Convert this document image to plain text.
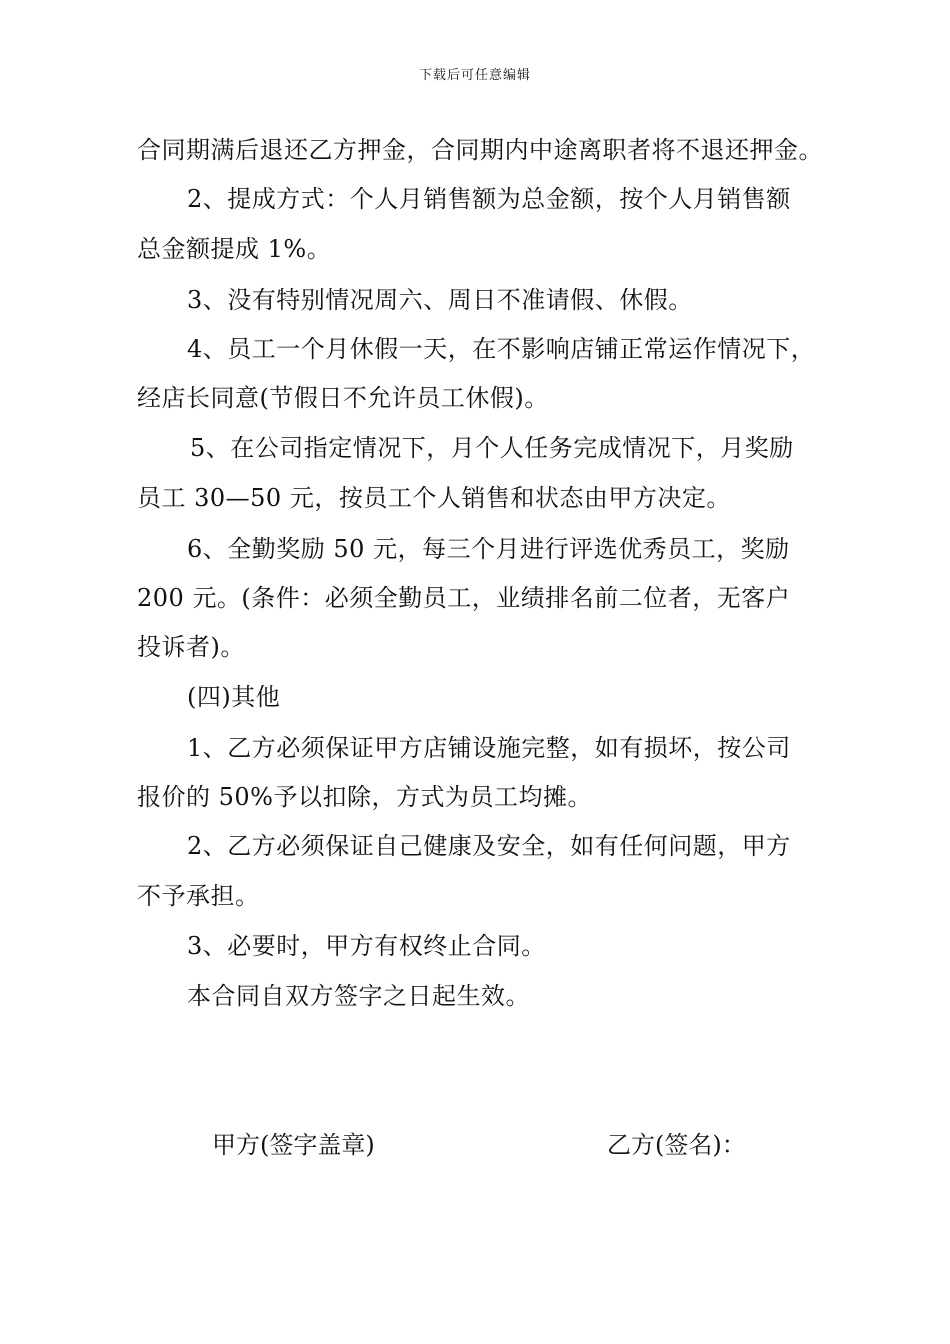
下载后可任意编辑
合同期满后退还乙方押金，合同期内中途离职者将不退还押金。
2、提成方式：个人月销售额为总金额，按个人月销售额
总金额提成 1%。
3、没有特别情况周六、周日不准请假、休假。
4、员工一个月休假一天，在不影响店铺正常运作情况下，
经店长同意(节假日不允许员工休假)。
5、在公司指定情况下，月个人任务完成情况下，月奖励
员工 30—50 元，按员工个人销售和状态由甲方决定。
6、全勤奖励 50 元，每三个月进行评选优秀员工，奖励
200 元。(条件：必须全勤员工，业绩排名前二位者，无客户
投诉者)。
(四)其他
1、乙方必须保证甲方店铺设施完整，如有损坏，按公司
报价的 50%予以扣除，方式为员工均摊。
2、乙方必须保证自己健康及安全，如有任何问题，甲方
不予承担。
3、必要时，甲方有权终止合同。
本合同自双方签字之日起生效。
甲方(签字盖章)	乙方(签名)：
